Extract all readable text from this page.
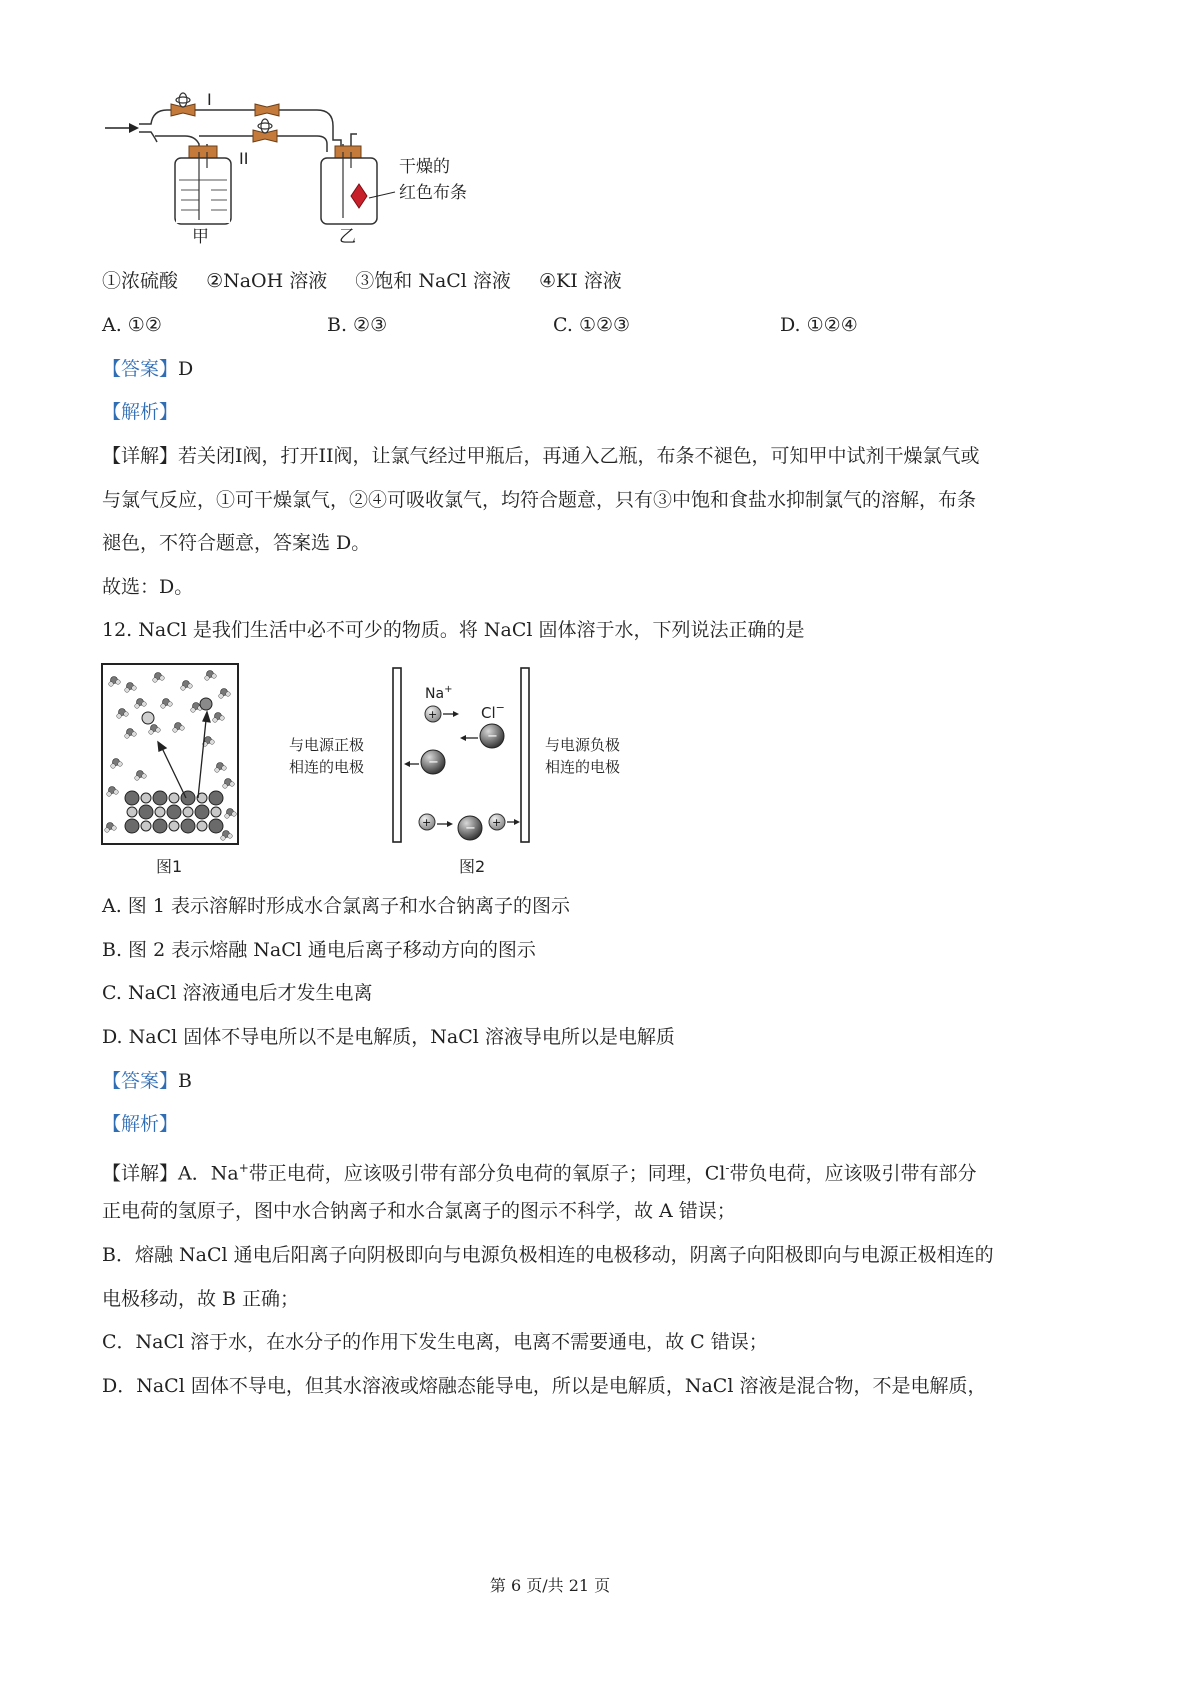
I
II
甲	乙
干燥的
红色布条
①浓硫酸 ②NaOH 溶液 ③饱和 NaCl 溶液 ④KI 溶液
A. ①②	B. ②③	C. ①②③	D. ①②④
【答案】D
【解析】
【详解】若关闭I阀，打开II阀，让氯气经过甲瓶后，再通入乙瓶，布条不褪色，可知甲中试剂干燥氯气或
与氯气反应，①可干燥氯气，②④可吸收氯气，均符合题意，只有③中饱和食盐水抑制氯气的溶解，布条
褪色，不符合题意，答案选 D。
故选：D。
12. NaCl 是我们生活中必不可少的物质。将 NaCl 固体溶于水，下列说法正确的是
图1
与电源正极
相连的电极
与电源负极
相连的电极
Na+
Cl−
+
−
−
+	− +
图2
A. 图 1 表示溶解时形成水合氯离子和水合钠离子的图示
B. 图 2 表示熔融 NaCl 通电后离子移动方向的图示
C. NaCl 溶液通电后才发生电离
D. NaCl 固体不导电所以不是电解质，NaCl 溶液导电所以是电解质
【答案】B
【解析】
【详解】A．Na+带正电荷，应该吸引带有部分负电荷的氧原子；同理，Cl-带负电荷，应该吸引带有部分
正电荷的氢原子，图中水合钠离子和水合氯离子的图示不科学，故 A 错误；
B．熔融 NaCl 通电后阳离子向阴极即向与电源负极相连的电极移动，阴离子向阳极即向与电源正极相连的
电极移动，故 B 正确；
C．NaCl 溶于水，在水分子的作用下发生电离，电离不需要通电，故 C 错误；
D．NaCl 固体不导电，但其水溶液或熔融态能导电，所以是电解质，NaCl 溶液是混合物，不是电解质，
第 6 页/共 21 页
